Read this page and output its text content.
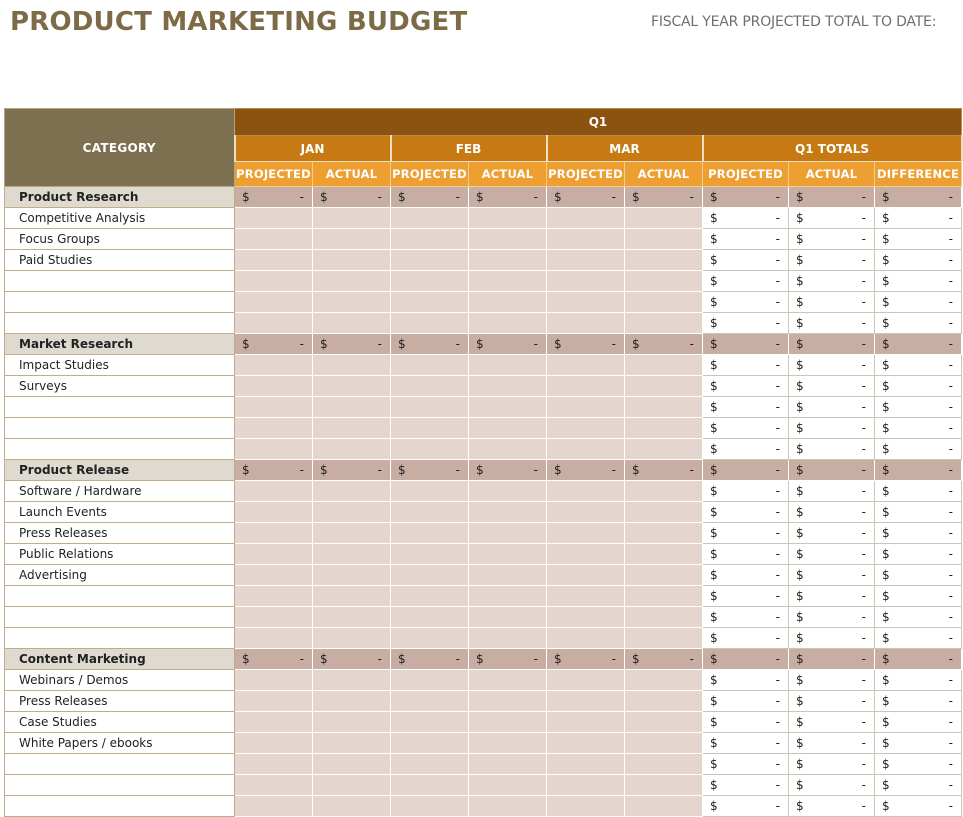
PRODUCT MARKETING BUDGET	FISCAL YEAR PROJECTED TOTAL TO DATE:
CATEGORY	Q1								
	JAN		FEB		MAR		Q1 TOTALS		
	PROJECTED	ACTUAL	PROJECTED	ACTUAL	PROJECTED	ACTUAL	PROJECTED	ACTUAL	DIFFERENCE
Product Research	$ -	$ -	$ -	$ -	$ -	$ -	$ -	$ -	$ -

Competitive Analysis							$ -	$ -	$ -

Focus Groups							$ -	$ -	$ -

Paid Studies							$ -	$ -	$ -

							$ -	$ -	$ -

							$ -	$ -	$ -

							$ -	$ -	$ -

Market Research	$ -	$ -	$ -	$ -	$ -	$ -	$ -	$ -	$ -

Impact Studies							$ -	$ -	$ -

Surveys							$ -	$ -	$ -

							$ -	$ -	$ -

							$ -	$ -	$ -

							$ -	$ -	$ -

Product Release	$ -	$ -	$ -	$ -	$ -	$ -	$ -	$ -	$ -

Software / Hardware							$ -	$ -	$ -

Launch Events							$ -	$ -	$ -

Press Releases							$ -	$ -	$ -

Public Relations							$ -	$ -	$ -

Advertising							$ -	$ -	$ -

							$ -	$ -	$ -

							$ -	$ -	$ -

							$ -	$ -	$ -

Content Marketing	$ -	$ -	$ -	$ -	$ -	$ -	$ -	$ -	$ -

Webinars / Demos							$ -	$ -	$ -

Press Releases							$ -	$ -	$ -

Case Studies							$ -	$ -	$ -

White Papers / ebooks							$ -	$ -	$ -

							$ -	$ -	$ -

							$ -	$ -	$ -

							$ -	$ -	$ -
